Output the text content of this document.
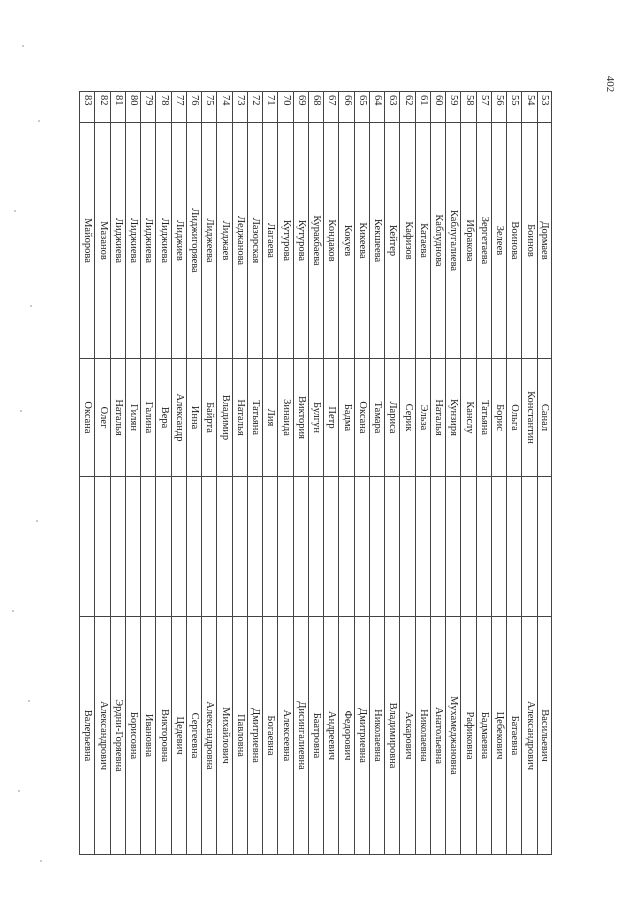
402
53
Дормаев
Санал
Васильевич
54
Боинов
Константин
Александрович
55
Воинова
Ольга
Батаевна
56
Зелеев
Борис
Цебекович
57
Зергетаева
Татьяна
Бадмаевна
58
Ибракова
Канслу
Рафиковна
59
Каблугалиева
Кунзиря
Мухамеджановна
60
Каблуднова
Наталья
Анатольевна
61
Катаева
Эльза
Николаевна
62
Кафизов
Серик
Аскарович
63
Кейтер
Лариса
Владимировна
64
Кекшеева
Тамара
Николаевна
65
Кикеева
Оксана
Дмитриевна
66
Кокуев
Бадма
Федорович
67
Кондаков
Петр
Андреевич
68
Куракбаева
Булгун
Баатровна
69
Кутурова
Виктория
Дисингалиевна
70
Кутурова
Зинаида
Алексеевна
71
Лагаева
Лия
Богаевна
72
Лазорская
Татьяна
Дмитриевна
73
Леджанова
Наталья
Павловна
74
Лиджаев
Владимир
Михайлович
75
Лиджеева
Байрта
Александровна
76
Лиджигоряева
Инна
Сергеевна
77
Лиджиев
Александр
Цедевич
78
Лиджиева
Вера
Викторовна
79
Лиджиева
Галина
Ивановна
80
Лиджиева
Гилян
Борисовна
81
Лиджиева
Наталья
Эрдни-Горяевна
82
Мазанов
Олег
Александрович
83
Майорова
Оксана
Валерьевна
